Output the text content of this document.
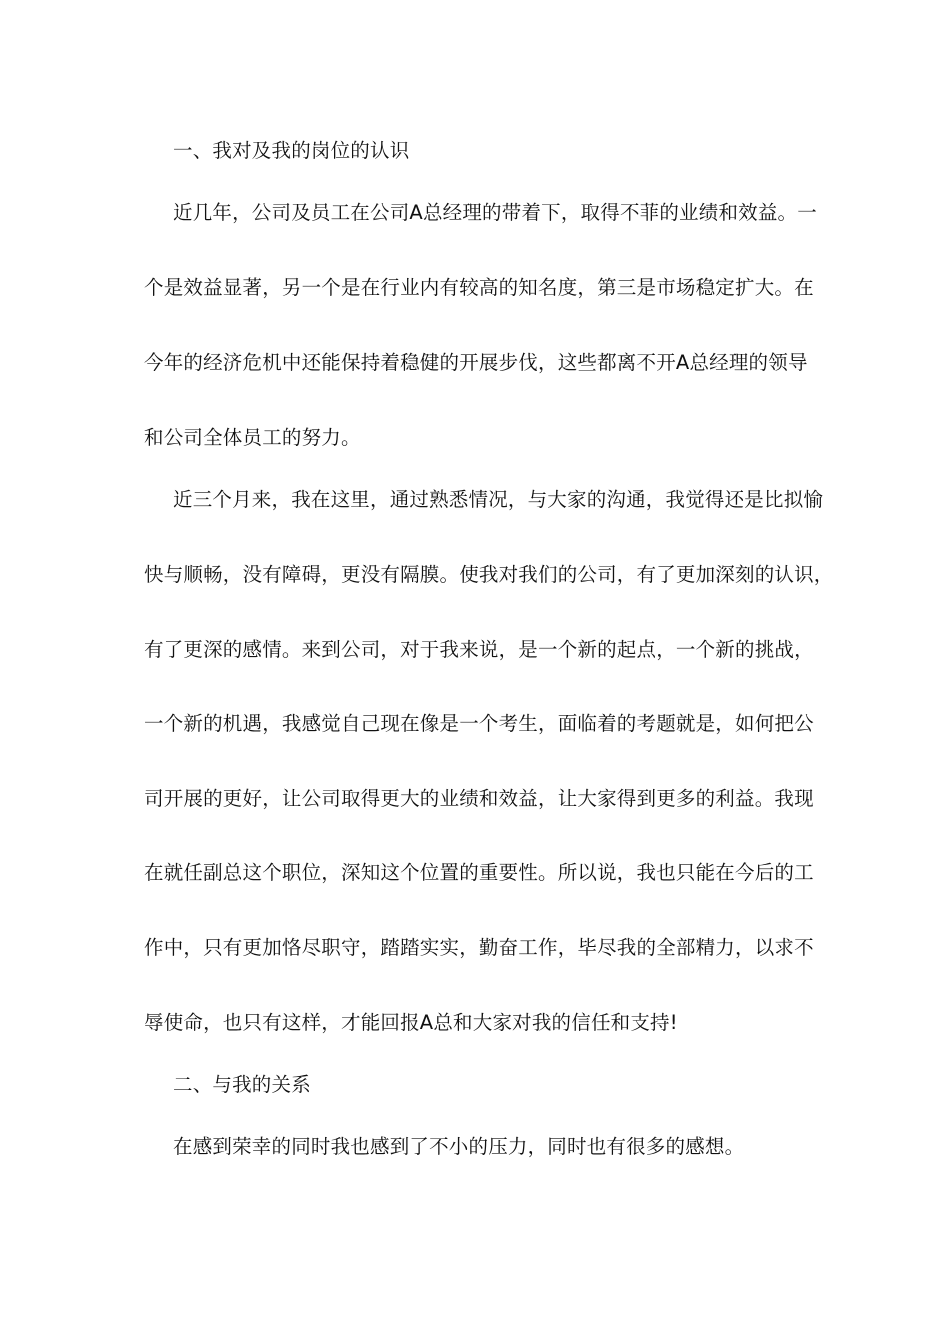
一、我对及我的岗位的认识
近几年，公司及员工在公司A总经理的带着下，取得不菲的业绩和效益。一
个是效益显著，另一个是在行业内有较高的知名度，第三是市场稳定扩大。在
今年的经济危机中还能保持着稳健的开展步伐，这些都离不开A总经理的领导
和公司全体员工的努力。
近三个月来，我在这里，通过熟悉情况，与大家的沟通，我觉得还是比拟愉
快与顺畅，没有障碍，更没有隔膜。使我对我们的公司，有了更加深刻的认识，
有了更深的感情。来到公司，对于我来说，是一个新的起点，一个新的挑战，
一个新的机遇，我感觉自己现在像是一个考生，面临着的考题就是，如何把公
司开展的更好，让公司取得更大的业绩和效益，让大家得到更多的利益。我现
在就任副总这个职位，深知这个位置的重要性。所以说，我也只能在今后的工
作中，只有更加恪尽职守，踏踏实实，勤奋工作，毕尽我的全部精力，以求不
辱使命，也只有这样，才能回报A总和大家对我的信任和支持!
二、与我的关系
在感到荣幸的同时我也感到了不小的压力，同时也有很多的感想。
